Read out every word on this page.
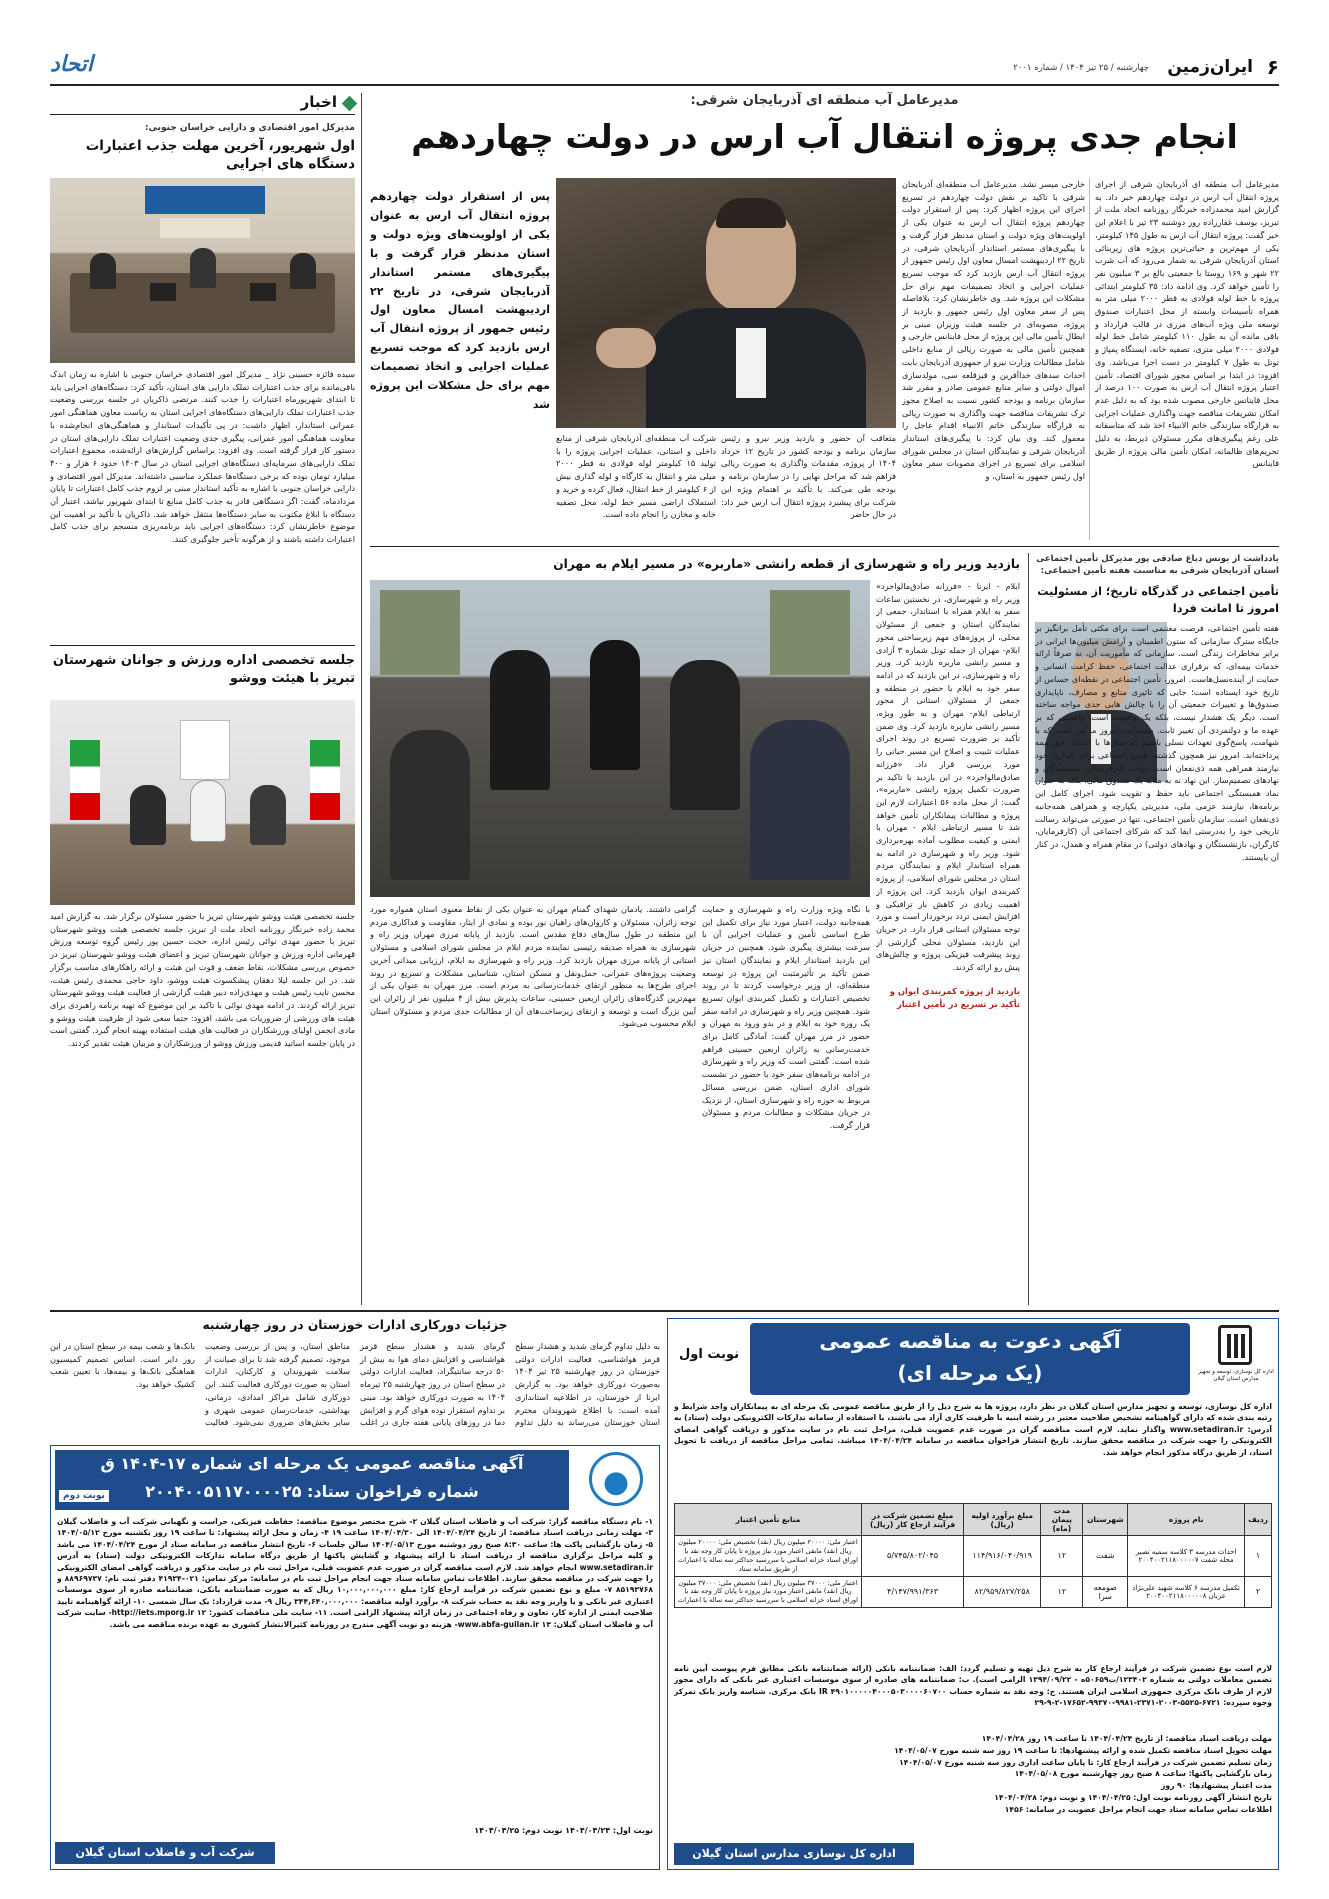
۶
ایران‌زمین
چهارشنبه / ۲۵ تیر ۱۴۰۴ / شماره ۲۰۰۱
اتحاد
اخبار
مدیرکل امور اقتصادی و دارایی خراسان جنوبی:
اول شهریور، آخرین مهلت جذب اعتبارات دستگاه های اجرایی
سیده فائزه حسینی نژاد _ مدیرکل امور اقتصادی خراسان جنوبی با اشاره به زمان اندک باقی‌مانده برای جذب اعتبارات تملک دارایی های استان، تأکید کرد: دستگاه‌های اجرایی باید تا ابتدای شهریورماه اعتبارات را جذب کنند. مرتضی ذاکریان در جلسه بررسی وضعیت جذب اعتبارات تملک دارایی‌های دستگاه‌های اجرایی استان به ریاست معاون هماهنگی امور عمرانی استاندار، اظهار داشت: در پی تأکیدات استاندار و هماهنگی‌های انجام‌شده با معاونت هماهنگی امور عمرانی، پیگیری جدی وضعیت اعتبارات تملک دارایی‌های استان در دستور کار قرار گرفته است. وی افزود: براساس گزارش‌های ارائه‌شده، مجموع اعتبارات تملک دارایی‌های سرمایه‌ای دستگاه‌های اجرایی استان در سال ۱۴۰۳ حدود ۶ هزار و ۴۰۰ میلیارد تومان بوده که برخی دستگاه‌ها عملکرد مناسبی داشته‌اند. مدیرکل امور اقتصادی و دارایی خراسان جنوبی با اشاره به تأکید استاندار مبنی بر لزوم جذب کامل اعتبارات تا پایان مردادماه، گفت: اگر دستگاهی قادر به جذب کامل منابع تا ابتدای شهریور نباشد، اعتبار آن دستگاه با ابلاغ مکتوب به سایر دستگاه‌ها منتقل خواهد شد. ذاکریان با تأکید بر اهمیت این موضوع خاطرنشان کرد: دستگاه‌های اجرایی باید برنامه‌ریزی منسجم برای جذب کامل اعتبارات داشته باشند و از هرگونه تأخیر جلوگیری کنند.
جلسه تخصصی اداره ورزش و جوانان شهرستان تبریز با هیئت ووشو
جلسه تخصصی هیئت ووشو شهرستان تبریز با حضور مسئولان برگزار شد. به گزارش امید محمد زاده خبرنگار روزنامه اتحاد ملت از تبریز، جلسه تخصصی هیئت ووشو شهرستان تبریز با حضور مهدی نوائی رئیس اداره، حجت حسین پور رئیس گروه توسعه ورزش قهرمانی اداره ورزش و جوانان شهرستان تبریز و اعضای هیئت ووشو شهرستان تبریز در خصوص بررسی مشکلات، نقاط ضعف و قوت این هیئت و ارائه راهکارهای مناسب برگزار شد. در این جلسه لیلا دهقان پیشکسوت هیئت ووشو، داود حاجی محمدی رئیس هیئت، محسن نایب رئیس هیئت و مهدی‌زاده دبیر هیئت گزارشی از فعالیت هیئت ووشو شهرستان تبریز ارائه کردند. در ادامه مهدی نوائی با تاکید بر این موضوع که تهیه برنامه راهبردی برای هیئت های ورزشی از ضروریات می باشد، افزود: حتما سعی شود از ظرفیت هیئت ووشو و مادی انجمن اولیای ورزشکاران در فعالیت های هیئت استفاده بهینه انجام گیرد. گفتنی است در پایان جلسه اساتید قدیمی ورزش ووشو از ورزشکاران و مربیان هیئت تقدیر کردند.
مدیرعامل آب منطقه ای آذربایجان شرقی:
انجام جدی پروژه انتقال آب ارس در دولت چهاردهم
مدیرعامل آب منطقه ای آذربایجان شرقی از اجرای پروژه انتقال آب ارس در دولت چهاردهم خبر داد. به گزارش امید محمدزاده خبرنگار روزنامه اتحاد ملت از تبریز، یوسف غفارزاده روز دوشنبه ۲۳ تیر با اعلام این خبر گفت: پروژه انتقال آب ارس به طول ۱۴۵ کیلومتر، یکی از مهم‌ترین و حیاتی‌ترین پروژه های زیربنائی استان آذربایجان شرقی به شمار می‌رود که آب شرب ۲۲ شهر و ۱۶۹ روستا با جمعیتی بالغ بر ۳ میلیون نفر را تأمین خواهد کرد. وی ادامه داد: ۳۵ کیلومتر ابتدائی پروژه با خط لوله فولادی به قطر ۲۰۰۰ میلی متر به همراه تأسیسات وابسته از محل اعتبارات صندوق توسعه ملی ویژه آب‌های مرزی در قالب قرارداد و باقی مانده آن به طول ۱۱۰ کیلومتر شامل خط لوله فولادی ۲۰۰۰ میلی متری، تصفیه خانه، ایستگاه پمپاژ و تونل به طول ۷ کیلومتر در دست اجرا می‌باشد. وی افزود: در ابتدا بر اساس مجوز شورای اقتصاد، تأمین اعتبار پروژه انتقال آب ارس به صورت ۱۰۰ درصد از محل فاینانس خارجی مصوب شده بود که به دلیل عدم امکان تشریفات مناقصه جهت واگذاری عملیات اجرایی به قرارگاه سازندگی خاتم الانبیاء اخذ شد که متاسفانه علی رغم پیگیری‌های مکرر مسئولان ذیربط، به دلیل تحریم‌های ظالمانه، امکان تأمین مالی پروژه از طریق فاینانس
خارجی میسر نشد. مدیرعامل آب منطقه‌ای آذربایجان شرقی با تاکید بر نقش دولت چهاردهم در تسریع اجرای این پروژه اظهار کرد: پس از استقرار دولت چهاردهم پروژه انتقال آب ارس به عنوان یکی از اولویت‌های ویژه دولت و استان مدنظر قرار گرفت و با پیگیری‌های مستمر استاندار آذربایجان شرقی، در تاریخ ۲۲ اردیبهشت امسال معاون اول رئیس جمهور از پروژه انتقال آب ارس بازدید کرد که موجب تسریع عملیات اجرایی و اتخاذ تصمیمات مهم برای حل مشکلات این پروژه شد. وی خاطرنشان کرد: بلافاصله پس از سفر معاون اول رئیس جمهور و بازدید از پروژه، مصوبه‌ای در جلسه هیئت وزیران مبنی بر ابطال تأمین مالی این پروژه از محل فاینانس خارجی و همچنین تأمین مالی به صورت ریالی از منابع داخلی شامل مطالبات وزارت نیرو از جمهوری آذربایجان بابت احداث سدهای خداآفرین و قیزقلعه سی، مولدسازی اموال دولتی و سایر منابع عمومی صادر و مقرر شد سازمان برنامه و بودجه کشور نسبت به اصلاح مجوز ترک تشریفات مناقصه جهت واگذاری به صورت ریالی به قرارگاه سازندگی خاتم الانبیاء اقدام عاجل را معمول کند. وی بیان کرد: با پیگیری‌های استاندار آذربایجان شرقی و نمایندگان استان در مجلس شورای اسلامی برای تسریع در اجرای مصوبات سفر معاون اول رئیس جمهور به استان، و
پس از استقرار دولت چهاردهم پروژه انتقال آب ارس به عنوان یکی از اولویت‌های ویژه دولت و استان مدنظر قرار گرفت و با پیگیری‌های مستمر استاندار آذربایجان شرقی، در تاریخ ۲۲ اردیبهشت امسال معاون اول رئیس جمهور از پروژه انتقال آب ارس بازدید کرد که موجب تسریع عملیات اجرایی و اتخاذ تصمیمات مهم برای حل مشکلات این پروژه شد
متعاقب آن حضور و بازدید وزیر نیرو و رئیس سازمان برنامه و بودجه کشور در تاریخ ۱۲ خرداد ۱۴۰۴ از پروژه، مقدمات واگذاری به صورت ریالی فراهم شد که مراحل نهایی را در سازمان برنامه و بودجه طی می‌کند. با تأکید بر اهتمام ویژه این شرکت برای پیشبرد پروژه انتقال آب ارس خبر داد: در حال حاضر
شرکت آب منطقه‌ای آذربایجان شرقی از منابع داخلی و استانی، عملیات اجرایی پروژه را با تولید ۱۵ کیلومتر لوله فولادی به قطر ۲۰۰۰ میلی متر و انتقال به کارگاه و لوله گذاری بیش از ۶ کیلومتر از خط انتقال، فعال کرده و خرید و استملاک اراضی مسیر خط لوله، محل تصفیه خانه و مخازن را انجام داده است.
یادداشت از یونس دباغ صادقی پور مدیرکل تأمین اجتماعی استان آذربایجان شرقی به مناسبت هفته تأمین اجتماعی:
تأمین اجتماعی در گذرگاه تاریخ؛ از مسئولیت امروز تا امانت فردا
هفته تأمین اجتماعی، فرصت مغتنمی است برای مکثی تأمل برانگیز بر جایگاه سترگ سازمانی که ستون اطمینان و آرامش میلیون‌ها ایرانی در برابر مخاطرات زندگی است. سازمانی که مأموریت آن، نه صرفاً ارائه خدمات بیمه‌ای، که برقراری عدالت اجتماعی، حفظ کرامت انسانی و حمایت از آینده‌نسل‌هاست. امروز، تأمین اجتماعی در نقطه‌ای حساس از تاریخ خود ایستاده است؛ جایی که تاثیری منابع و مصارف، ناپایداری صندوق‌ها و تغییرات جمعیتی آن را با چالش هایی جدی مواجه ساخته است. دیگر یک هشدار نیست، بلکه یک واقعیت است؛ واقعیتی که بر عهده ما و دولتمردی آن تغییر ثابت. مسئولیت امروز ما این است که با شهامت، پاسخ‌گوی تعهدات نسلی باشیم که سال‌ها با اعتماد، حق بیمه پرداخته‌اند. امروز نیز همچون گذشته، تأمین اجتماعی برای پایداری خود نیازمند همراهی همه ذی‌نفعان است: دولت، کارفرمایان، بیمه‌شدگان و نهادهای تصمیم‌ساز. این نهاد نه به مثابه یک صندوق مالی، بلکه به عنوان نماد همبستگی اجتماعی باید حفظ و تقویت شود. اجرای کامل این برنامه‌ها، نیازمند عزمی ملی، مدیریتی یکپارچه و همراهی همه‌جانبه ذی‌نفعان است. سازمان تأمین اجتماعی، تنها در صورتی می‌تواند رسالت تاریخی خود را به‌درستی ایفا کند که شرکای اجتماعی آن (کارفرمایان، کارگران، بازنشستگان و نهادهای دولتی) در مقام همراه و همدل، در کنار آن بایستند.
بازدید وزیر راه و شهرسازی از قطعه رانشی «ماربره» در مسیر ایلام به مهران
ایلام - ایرنا - «فرزانه صادق‌مالواجرد» وزیر راه و شهرسازی، در نخستین ساعات سفر به ایلام همراه با استاندار، جمعی از نمایندگان استان و جمعی از مسئولان محلی، از پروژه‌های مهم زیرساختی محور ایلام- مهران از جمله تونل شماره ۳ آزادی و مسیر رانشی ماربره بازدید کرد. وزیر راه و شهرسازی، در این بازدید که در ادامه سفر خود به ایلام با حضور در منطقه و جمعی از مسئولان استانی از محور ارتباطی ایلام- مهران و به طور ویژه، مسیر رانشی ماربره بازدید کرد. وی ضمن تأکید بر ضرورت تسریع در روند اجرای عملیات تثبیت و اصلاح این مسیر حیاتی را مورد بررسی قرار داد. «فرزانه صادق‌مالواجرد» در این بازدید با تاکید بر ضرورت تکمیل پروژه رانشی «ماربره»، گفت: از محل ماده ۵۶ اعتبارات لازم این پروژه و مطالبات پیمانکاران تأمین خواهد شد تا مسیر ارتباطی ایلام - مهران با ایمنی و کیفیت مطلوب آماده بهره‌برداری شود. وزیر راه و شهرسازی در ادامه به همراه استاندار ایلام و نمایندگان مردم استان در مجلس شورای اسلامی، از پروژه کمربندی ایوان بازدید کرد. این پروژه از اهمیت زیادی در کاهش بار ترافیکی و افزایش ایمنی تردد برخوردار است و مورد توجه مسئولان استانی قرار دارد. در جریان این بازدید، مسئولان محلی گزارشی از روند پیشرفت فیزیکی پروژه و چالش‌های پیش رو ارائه کردند.
بازدید از پروژه کمربندی ایوان و تأکید بر تسریع در تأمین اعتبار
با نگاه ویژه وزارت راه و شهرسازی و حمایت همه‌جانبه دولت، اعتبار مورد نیاز برای تکمیل این طرح اساسی تأمین و عملیات اجرایی آن با سرعت بیشتری پیگیری شود. همچنین در جریان این بازدید استاندار ایلام و نمایندگان استان نیز ضمن تأکید بر تأثیرمثبت این پروژه در توسعه منطقه‌ای، از وزیر درخواست کردند تا در روند تخصیص اعتبارات و تکمیل کمربندی ایوان تسریع شود. همچنین وزیر راه و شهرسازی در ادامه سفر یک روزه خود به ایلام و در بدو ورود به مهران و حضور در مرز مهران گفت: آمادگی کامل برای خدمت‌رسانی به زائران اربعین حسینی فراهم شده است. گفتنی است که وزیر راه و شهرسازی در ادامه برنامه‌های سفر خود با حضور در نشست شورای اداری استان، ضمن بررسی مسائل مربوط به حوزه راه و شهرسازی استان، از نزدیک در جریان مشکلات و مطالبات مردم و مسئولان قرار گرفت.
گرامی داشتند. یادمان شهدای گمنام مهران به عنوان یکی از نقاط معنوی استان همواره مورد توجه زائران، مسئولان و کاروان‌های راهیان نور بوده و نمادی از ایثار، مقاومت و فداکاری مردم این منطقه در طول سال‌های دفاع مقدس است. بازدید از پایانه مرزی مهران وزیر راه و شهرسازی به همراه صدیقه رئیسی نماینده مردم ایلام در مجلس شورای اسلامی و مسئولان استانی از پایانه مرزی مهران بازدید کرد. وزیر راه و شهرسازی به ایلام، ارزیابی میدانی آخرین وضعیت پروژه‌های عمرانی، حمل‌ونقل و مسکن استان، شناسایی مشکلات و تسریع در روند اجرای طرح‌ها به منظور ارتقای خدمات‌رسانی به مردم است. مرز مهران به عنوان یکی از مهم‌ترین گذرگاه‌های زائران اربعین حسینی، ساعات پذیرش بیش از ۴ میلیون نفر از زائران این آیین بزرگ است و توسعه و ارتقای زیرساخت‌های آن از مطالبات جدی مردم و مسئولان استان ایلام محسوب می‌شود.
آگهی دعوت به مناقصه عمومی
(یک مرحله ای)
نوبت اول
اداره کل نوسازی، توسعه و تجهیز مدارس استان گیلان
اداره کل نوسازی، توسعه و تجهیز مدارس استان گیلان در نظر دارد، پروژه ها به شرح ذیل را از طریق مناقصه عمومی یک مرحله ای به پیمانکاران واجد شرایط و رتبه بندی شده که دارای گواهینامه تشخیص صلاحیت معتبر در رشته ابنیه با ظرفیت کاری آزاد می باشند، با استفاده از سامانه تدارکات الکترونیکی دولت (ستاد) به آدرس: www.setadiran.ir واگذار نماید. لازم است مناقصه گران در صورت عدم عضویت قبلی، مراحل ثبت نام در سایت مذکور و دریافت گواهی امضای الکترونیکی را جهت شرکت در مناقصه محقق سازند. تاریخ انتشار فراخوان مناقصه در سامانه ۱۴۰۴/۰۴/۲۴ میباشد. تمامی مراحل مناقصه از دریافت تا تحویل اسناد، از طریق درگاه مذکور انجام خواهد شد.
ردیف	نام پروژه	شهرستان	مدت پیمان (ماه)	مبلغ برآورد اولیه (ریال)	مبلغ تضمین شرکت در فرآیند ارجاع کار (ریال)	منابع تأمین اعتبار
۱	احداث مدرسه ۳ کلاسه سمیه تصیر محله شفت ۲۰۰۴۰۰۲۱۱۸۰۰۰۰۰۷	شفت	۱۲	۱۱۴/۹۱۶/۰۴۰/۹۱۹	۵/۷۴۵/۸۰۲/۰۴۵	اعتبار ملی: ۲۰۰۰۰ میلیون ریال (نقد) تخصیص ملی: ۲۰۰۰۰ میلیون ریال (نقد) مابقی اعتبار مورد نیاز پروژه تا پایان کار وجه نقد یا اوراق اسناد خزانه اسلامی با سررسید حداکثر سه ساله یا اعتبارات از طریق سامانه ستاد
۲	تکمیل مدرسه ۶ کلاسه شهید علی‌نژاد عربان ۲۰۰۴۰۰۲۱۱۸۰۰۰۰۰۸	صومعه سرا	۱۲	۸۲/۹۵۹/۸۲۷/۲۵۸	۴/۱۴۷/۹۹۱/۳۶۳	اعتبار ملی: ۳۷۰۰۰ میلیون ریال (نقد) تخصیص ملی: ۳۷۰۰۰ میلیون ریال (نقد) مابقی اعتبار مورد نیاز پروژه تا پایان کار وجه نقد یا اوراق اسناد خزانه اسلامی با سررسید حداکثر سه ساله یا اعتبارات
لازم است نوع تضمین شرکت در فرآیند ارجاع کار به شرح ذیل تهیه و تسلیم گردد: الف: ضمانتنامه بانکی (ارائه ضمانتنامه بانکی مطابق فرم پیوست آیین نامه تضمین معاملات دولتی به شماره ۱۲۳۴۰۲/ت۵۰۶۵۹ه - ۱۳۹۴/۰۹/۲۲ الزامی است). ب: ضمانتنامه های صادره از سوی موسسات اعتباری غیر بانکی که دارای مجوز لازم از طرف بانک مرکزی جمهوری اسلامی ایران هستند. ج: وجه نقد به شماره حساب IR ۴۹۰۱۰۰۰۰۰۴۰۰۰۵۰۳۰۰۰۰۶۰۷۰۰ بانک مرکزی. شناسه واریز بانک تمرکز وجوه سپرده: ۶۷۲۱-۵۵۲۵-۲۰۰۳-۲۳۷۱-۹۹۸۱-۹۹۳۷۰-۱۷۶۵۲-۲-۹-۲۹
مهلت دریافت اسناد مناقصه: از تاریخ ۱۴۰۴/۰۴/۲۴ تا ساعت ۱۹ روز ۱۴۰۴/۰۴/۲۸
مهلت تحویل اسناد مناقصه تکمیل شده و ارائه پیشنهادها: تا ساعت ۱۹ روز سه شنبه مورخ ۱۴۰۴/۰۵/۰۷
زمان تسلیم تضمین شرکت در فرآیند ارجاع کار: تا پایان ساعت اداری روز سه شنبه مورخ ۱۴۰۴/۰۵/۰۷
زمان بازگشایی پاکتها: ساعت ۸ صبح روز چهارشنبه مورخ ۱۴۰۴/۰۵/۰۸
مدت اعتبار پیشنهادها: ۹۰ روز
تاریخ انتشار آگهی روزنامه نوبت اول: ۱۴۰۴/۰۴/۲۵ و نوبت دوم: ۱۴۰۴/۰۴/۲۸
اطلاعات تماس سامانه ستاد جهت انجام مراحل عضویت در سامانه: ۱۴۵۶
اداره کل نوسازی مدارس استان گیلان
جزئیات دورکاری ادارات خوزستان در روز چهارشنبه
به دلیل تداوم گرمای شدید و هشدار سطح قرمز هواشناسی، فعالیت ادارات دولتی خوزستان در روز چهارشنبه ۲۵ تیر ۱۴۰۴ به‌صورت دورکاری خواهد بود. به گزارش ایرنا از خوزستان، در اطلاعیه استانداری آمده است: با اطلاع شهروندان محترم استان خوزستان می‌رساند به دلیل تداوم گرمای شدید و هشدار سطح قرمز هواشناسی و افزایش دمای هوا به بیش از ۵۰ درجه سانتیگراد، فعالیت ادارات دولتی در سطح استان در روز چهارشنبه ۲۵ تیرماه ۱۴۰۴ به صورت دورکاری خواهد بود. مبنی بر تداوم استقرار توده هوای گرم و افزایش دما در روزهای پایانی هفته جاری در اغلب مناطق استان، و پس از بررسی وضعیت موجود، تصمیم گرفته شد تا برای صیانت از سلامت شهروندان و کارکنان، ادارات استان به صورت دورکاری فعالیت کنند. این دورکاری شامل مراکز امدادی، درمانی، بهداشتی، خدمات‌رسان عمومی شهری و سایر بخش‌های ضروری نمی‌شود. فعالیت بانک‌ها و شعب بیمه در سطح استان در این روز دایر است. اساس تصمیم کمیسیون هماهنگی بانک‌ها و بیمه‌ها، با تعیین شعب کشیک خواهد بود.
آگهی مناقصه عمومی یک مرحله ای شماره ۱۷-۱۴۰۴ ق
شماره فراخوان ستاد: ۲۰۰۴۰۰۵۱۱۷۰۰۰۰۲۵
نوبت دوم
۱- نام دستگاه مناقصه گزار: شرکت آب و فاضلاب استان گیلان ۲- شرح مختصر موضوع مناقصه: حفاظت فیزیکی، حراست و نگهبانی شرکت آب و فاضلاب گیلان ۳- مهلت زمانی دریافت اسناد مناقصه: از تاریخ ۱۴۰۴/۰۴/۲۴ الی ۱۴۰۴/۰۴/۳۰ ساعت ۱۹ ۴- زمان و محل ارائه پیشنهاد: تا ساعت ۱۹ روز یکشنبه مورخ ۱۴۰۴/۰۵/۱۲ ۵- زمان بازگشایی پاکت ها: ساعت ۸:۳۰ صبح روز دوشنبه مورخ ۱۴۰۴/۰۵/۱۳ سالن جلسات ۶- تاریخ انتشار مناقصه در سامانه ستاد از مورخ ۱۴۰۴/۰۴/۲۴ می باشد و کلیه مراحل برگزاری مناقصه از دریافت اسناد تا ارائه پیشنهاد و گشایش پاکتها از طریق درگاه سامانه تدارکات الکترونیکی دولت (ستاد) به آدرس www.setadiran.ir انجام خواهد شد. لازم است مناقصه گران در صورت عدم عضویت قبلی، مراحل ثبت نام در سایت مذکور و دریافت گواهی امضای الکترونیکی را جهت شرکت در مناقصه محقق سازند. اطلاعات تماس سامانه ستاد جهت انجام مراحل ثبت نام در سامانه: مرکز تماس: ۰۲۱-۴۱۹۳۴ دفتر ثبت نام: ۸۸۹۶۹۷۳۷ و ۸۵۱۹۳۷۶۸ ۷- مبلغ و نوع تضمین شرکت در فرآیند ارجاع کار: مبلغ ۱۰,۰۰۰,۰۰۰,۰۰۰ ریال که به صورت ضمانتنامه بانکی، ضمانتنامه صادره از سوی موسسات اعتباری غیر بانکی و یا واریز وجه نقد به حساب شرکت ۸- برآورد اولیه مناقصه: ۳۴۴,۶۴۰,۰۰۰,۰۰۰ ریال ۹- مدت قرارداد: یک سال شمسی ۱۰- ارائه گواهینامه تایید صلاحیت ایمنی از اداره کار، تعاون و رفاه اجتماعی در زمان ارائه پیشنهاد الزامی است. ۱۱- سایت ملی مناقصات کشور: http://iets.mporg.ir ۱۲- سایت شرکت آب و فاضلاب استان گیلان: www.abfa-guilan.ir ۱۳- هزینه دو نوبت آگهی مندرج در روزنامه کثیرالانتشار کشوری به عهده برنده مناقصه می باشد.
نوبت اول: ۱۴۰۴/۰۴/۲۴ نوبت دوم: ۱۴۰۴/۰۴/۲۵
شرکت آب و فاضلاب استان گیلان
